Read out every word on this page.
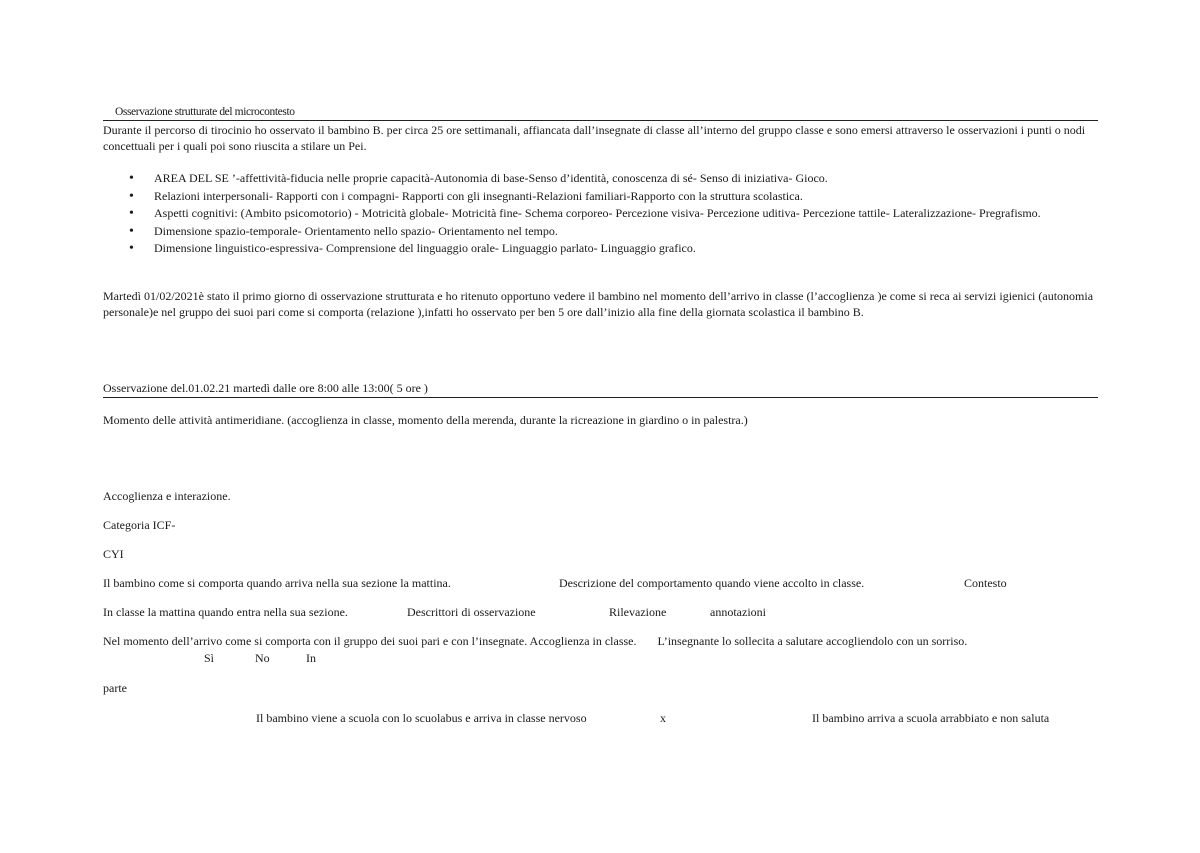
Osservazione strutturate del microcontesto
Durante il percorso di tirocinio ho osservato il bambino B. per circa 25 ore settimanali, affiancata dall’insegnate di classe all’interno del gruppo classe e sono emersi attraverso le osservazioni i punti o nodi concettuali per i quali poi sono riuscita a stilare un Pei.
• AREA DEL SE ’-affettività-fiducia nelle proprie capacità-Autonomia di base-Senso d’identità, conoscenza di sé- Senso di iniziativa- Gioco.
• Relazioni interpersonali- Rapporti con i compagni- Rapporti con gli insegnanti-Relazioni familiari-Rapporto con la struttura scolastica.
• Aspetti cognitivi: (Ambito psicomotorio) - Motricità globale- Motricità fine- Schema corporeo- Percezione visiva- Percezione uditiva- Percezione tattile- Lateralizzazione- Pregrafismo.
• Dimensione spazio-temporale- Orientamento nello spazio- Orientamento nel tempo.
• Dimensione linguistico-espressiva- Comprensione del linguaggio orale- Linguaggio parlato- Linguaggio grafico.
Martedì 01/02/2021è stato il primo giorno di osservazione strutturata e ho ritenuto opportuno vedere il bambino nel momento dell’arrivo in classe (l’accoglienza )e come si reca ai servizi igienici (autonomia personale)e nel gruppo dei suoi pari come si comporta (relazione ),infatti ho osservato per ben 5 ore dall’inizio alla fine della giornata scolastica il bambino B.
Osservazione del.01.02.21 martedì dalle ore 8:00 alle 13:00( 5 ore )
Momento delle attività antimeridiane. (accoglienza in classe, momento della merenda, durante la ricreazione in giardino o in palestra.)
Accoglienza e interazione.
Categoria ICF-
CYI
Il bambino come si comporta quando arriva nella sua sezione la mattina.	Descrizione del comportamento quando viene accolto in classe.	Contesto
In classe la mattina quando entra nella sua sezione.	Descrittori di osservazione	Rilevazione	annotazioni
Nel momento dell’arrivo come si comporta con il gruppo dei suoi pari e con l’insegnate. Accoglienza in classe.       L’insegnante lo sollecita a salutare accogliendolo con un sorriso.
Sì	No	In
parte
Il bambino viene a scuola con lo scuolabus e arriva in classe nervoso	x	Il bambino arriva a scuola arrabbiato e non saluta
